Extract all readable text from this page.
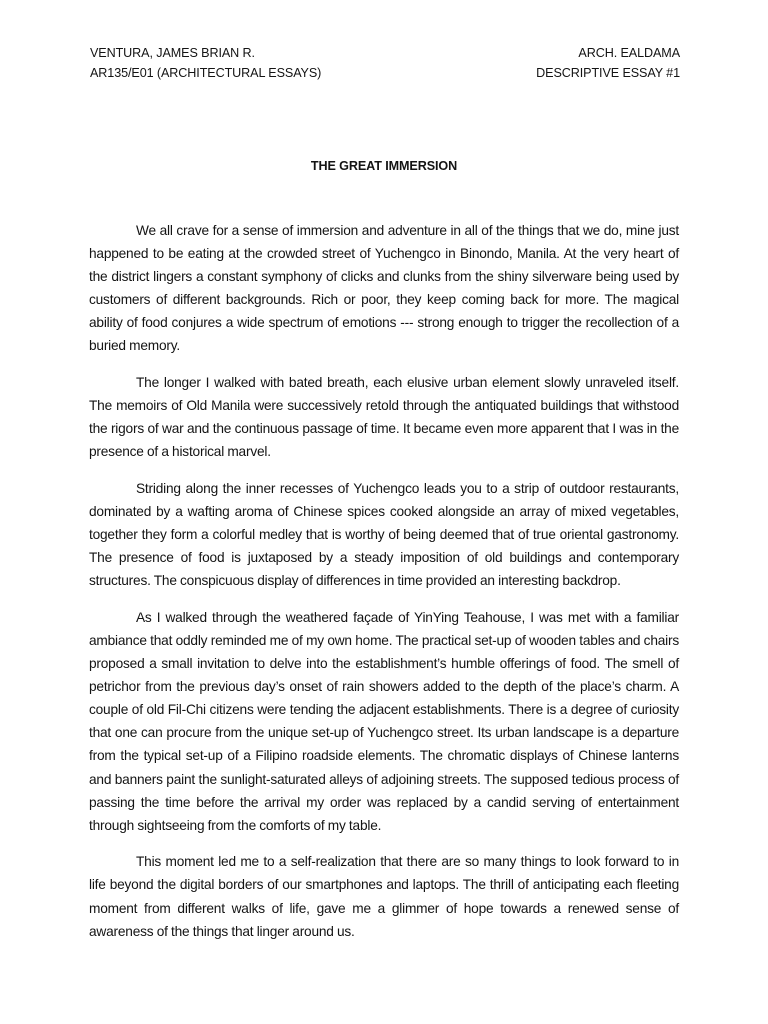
VENTURA, JAMES BRIAN R.
AR135/E01 (ARCHITECTURAL ESSAYS)
ARCH. EALDAMA
DESCRIPTIVE ESSAY #1
THE GREAT IMMERSION

We all crave for a sense of immersion and adventure in all of the things that we do, mine just happened to be eating at the crowded street of Yuchengco in Binondo, Manila. At the very heart of the district lingers a constant symphony of clicks and clunks from the shiny silverware being used by customers of different backgrounds. Rich or poor, they keep coming back for more. The magical ability of food conjures a wide spectrum of emotions --- strong enough to trigger the recollection of a buried memory.

The longer I walked with bated breath, each elusive urban element slowly unraveled itself. The memoirs of Old Manila were successively retold through the antiquated buildings that withstood the rigors of war and the continuous passage of time. It became even more apparent that I was in the presence of a historical marvel.

Striding along the inner recesses of Yuchengco leads you to a strip of outdoor restaurants, dominated by a wafting aroma of Chinese spices cooked alongside an array of mixed vegetables, together they form a colorful medley that is worthy of being deemed that of true oriental gastronomy. The presence of food is juxtaposed by a steady imposition of old buildings and contemporary structures. The conspicuous display of differences in time provided an interesting backdrop.

As I walked through the weathered façade of YinYing Teahouse, I was met with a familiar ambiance that oddly reminded me of my own home. The practical set-up of wooden tables and chairs proposed a small invitation to delve into the establishment’s humble offerings of food. The smell of petrichor from the previous day’s onset of rain showers added to the depth of the place’s charm. A couple of old Fil-Chi citizens were tending the adjacent establishments. There is a degree of curiosity that one can procure from the unique set-up of Yuchengco street. Its urban landscape is a departure from the typical set-up of a Filipino roadside elements. The chromatic displays of Chinese lanterns and banners paint the sunlight-saturated alleys of adjoining streets. The supposed tedious process of passing the time before the arrival my order was replaced by a candid serving of entertainment through sightseeing from the comforts of my table.

This moment led me to a self-realization that there are so many things to look forward to in life beyond the digital borders of our smartphones and laptops. The thrill of anticipating each fleeting moment from different walks of life, gave me a glimmer of hope towards a renewed sense of awareness of the things that linger around us.
